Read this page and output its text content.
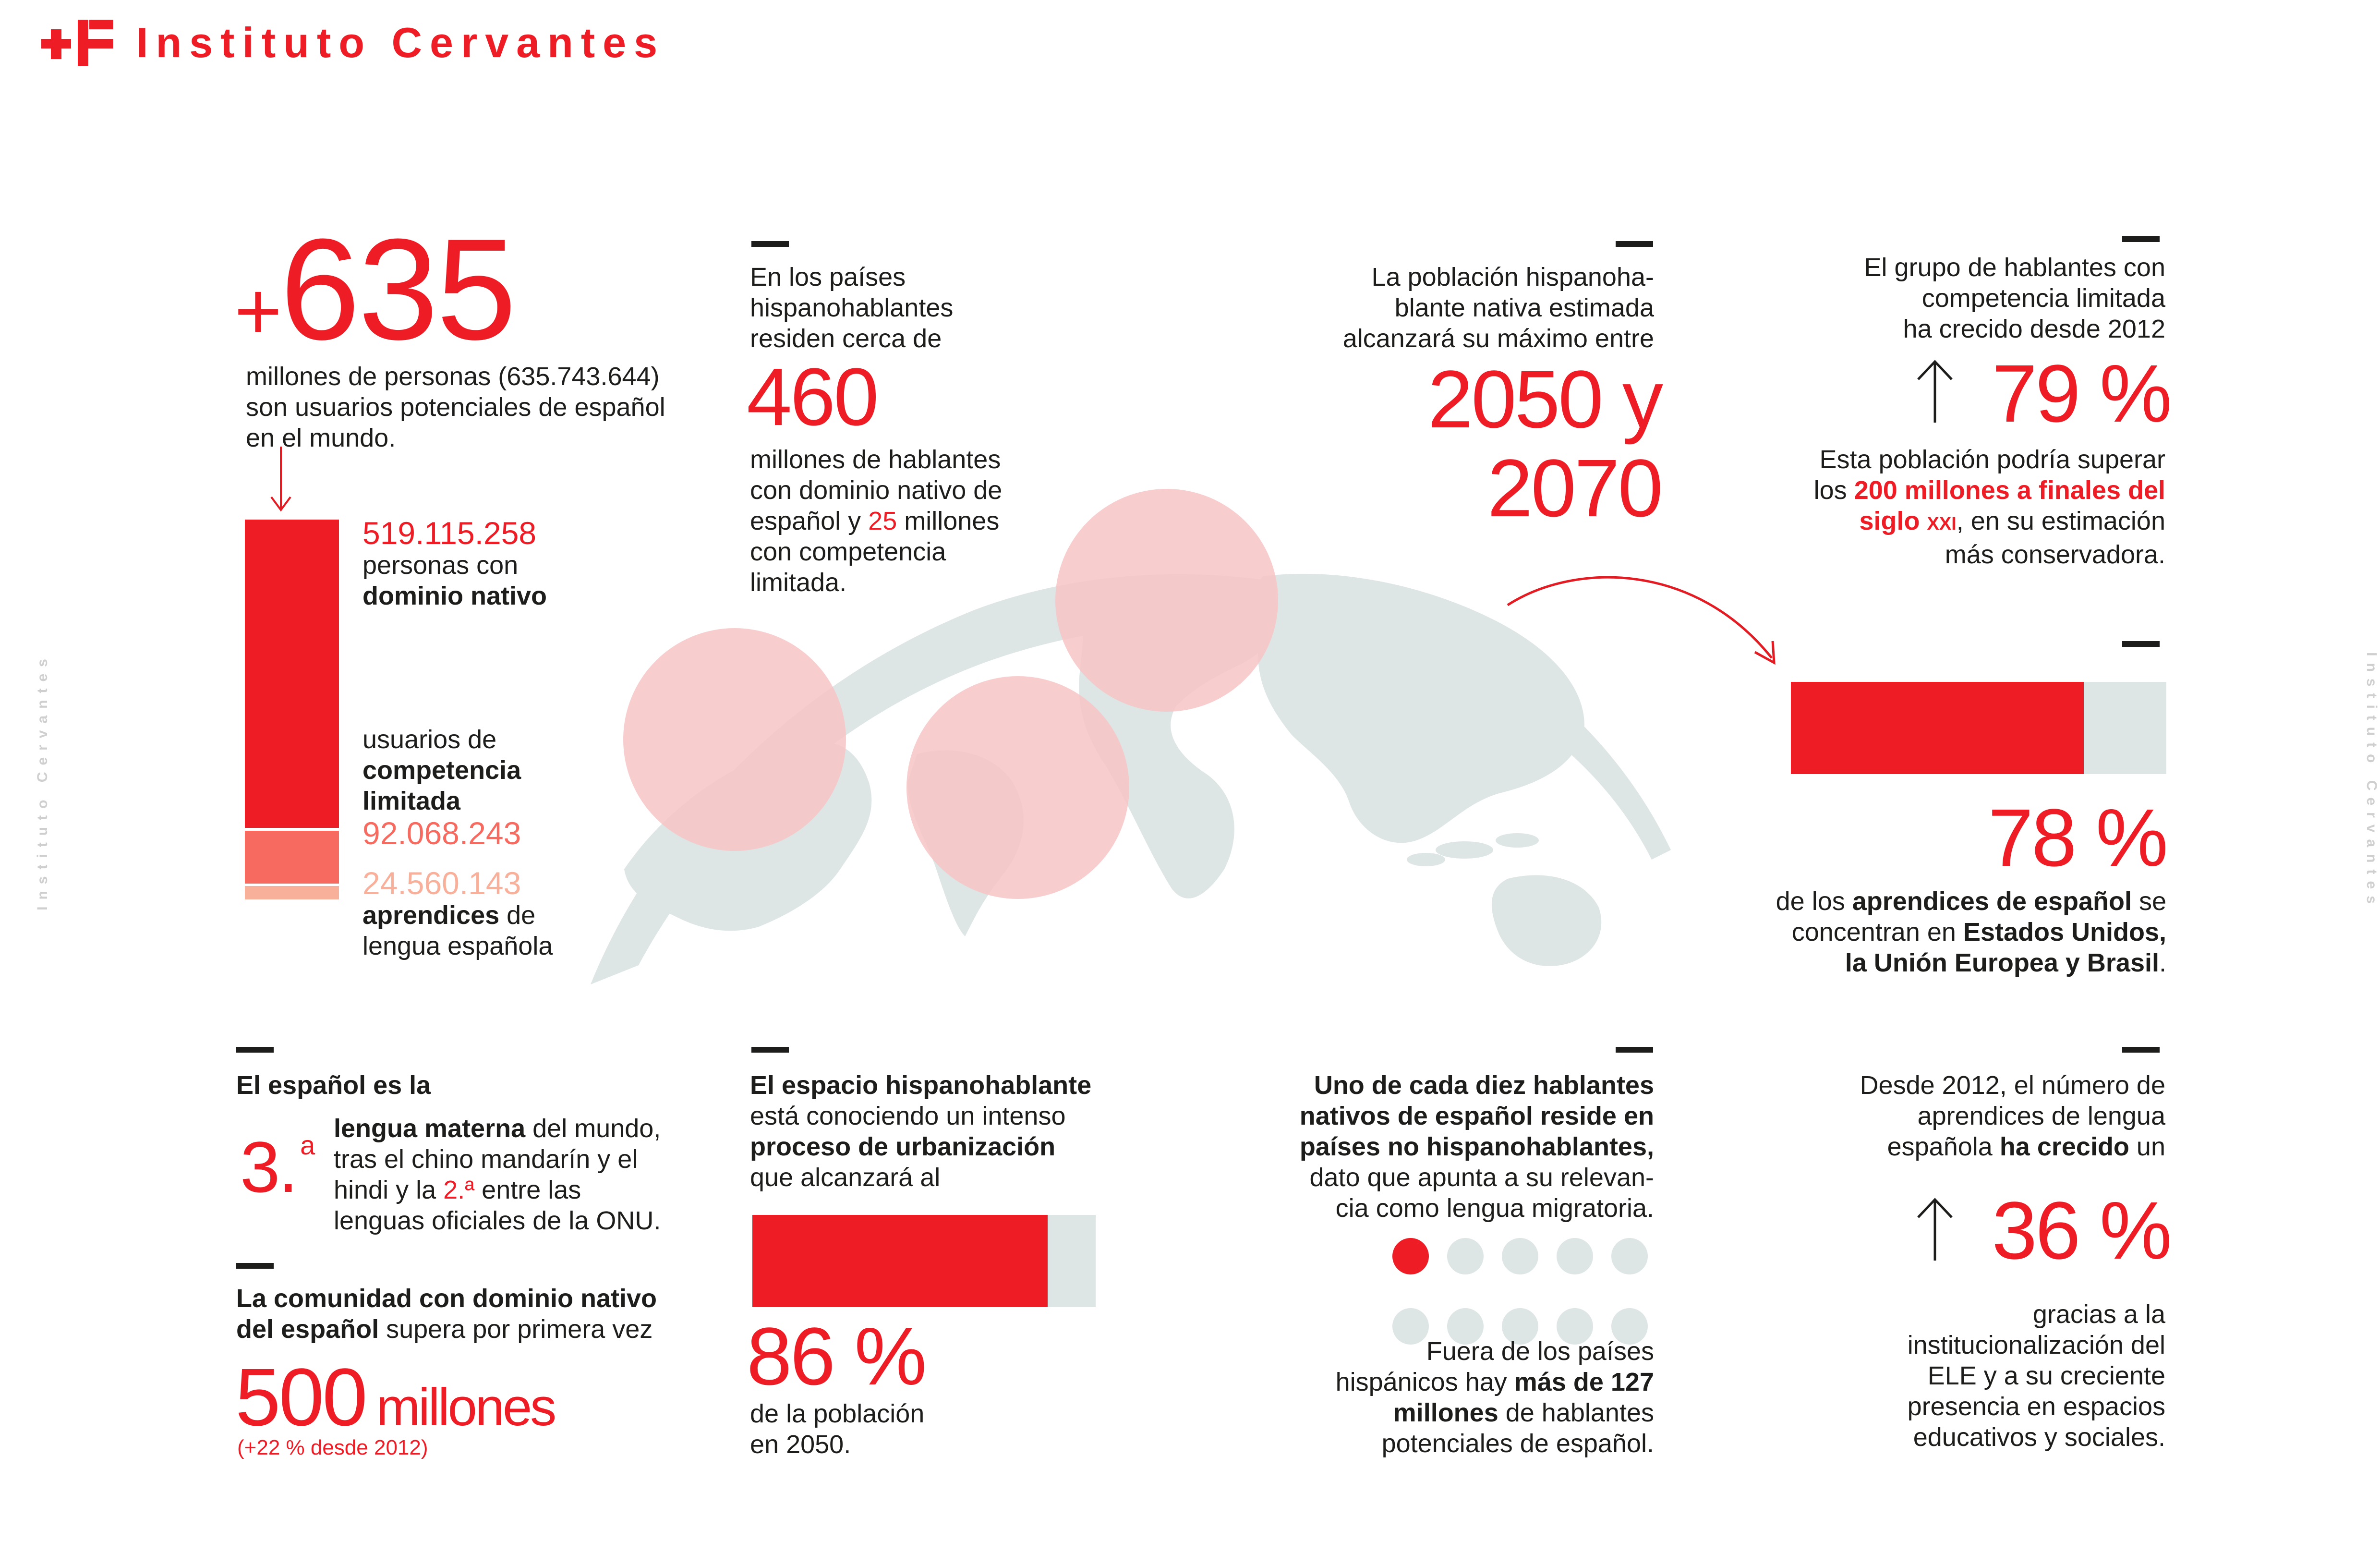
Instituto Cervantes
Instituto Cervantes	Instituto Cervantes
+635
millones de personas (635.743.644)
son usuarios potenciales de español
en el mundo.
519.115.258
personas con
dominio nativo
usuarios de
competencia
limitada
92.068.243
24.560.143
aprendices de
lengua española
En los países
hispanohablantes
residen cerca de
460
millones de hablantes
con dominio nativo de
español y 25 millones
con competencia
limitada.
La población hispanoha-
blante nativa estimada
alcanzará su máximo entre
2050 y
2070
El grupo de hablantes con
competencia limitada
ha crecido desde 2012
79 %
Esta población podría superar
los 200 millones a finales del
siglo XXI, en su estimación
más conservadora.
78 %
de los aprendices de español se
concentran en Estados Unidos,
la Unión Europea y Brasil.
El español es la
3. a
lengua materna del mundo,
tras el chino mandarín y el
hindi y la 2.ª entre las
lenguas oficiales de la ONU.
La comunidad con dominio nativo
del español supera por primera vez
500 millones
(+22 % desde 2012)
El espacio hispanohablante
está conociendo un intenso
proceso de urbanización
que alcanzará al
86 %
de la población
en 2050.
Uno de cada diez hablantes
nativos de español reside en
países no hispanohablantes,
dato que apunta a su relevan-
cia como lengua migratoria.
Fuera de los países
hispánicos hay más de 127
millones de hablantes
potenciales de español.
Desde 2012, el número de
aprendices de lengua
española ha crecido un
36 %
gracias a la
institucionalización del
ELE y a su creciente
presencia en espacios
educativos y sociales.
